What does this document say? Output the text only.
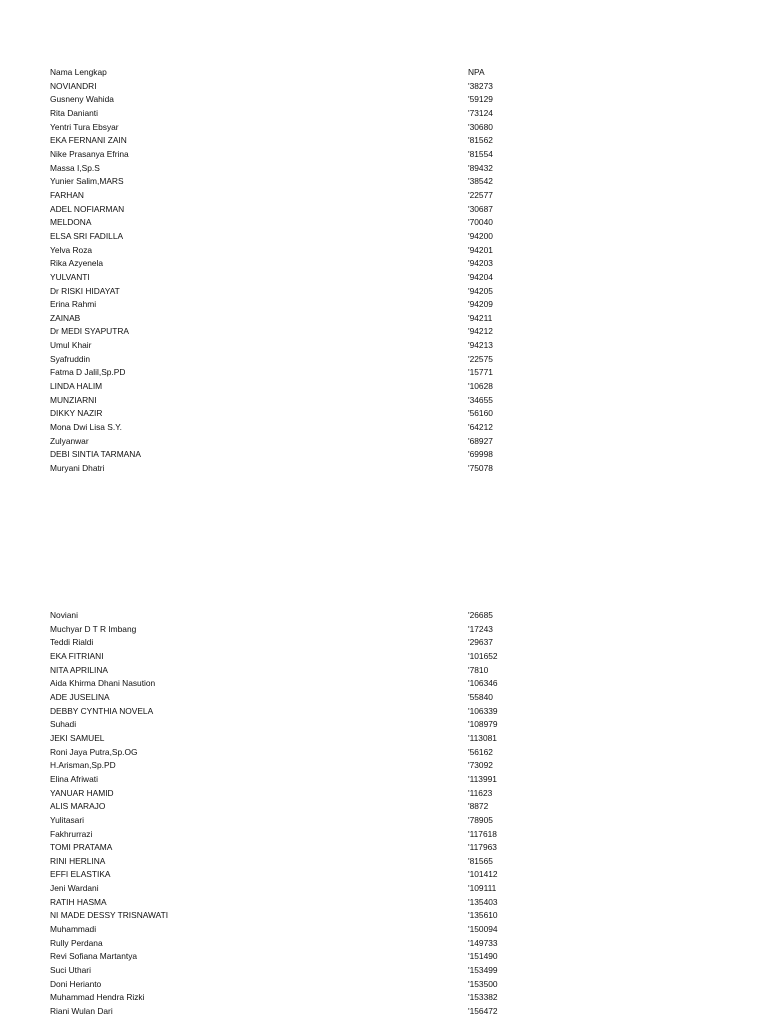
Nama Lengkap	NPA
NOVIANDRI	'38273
Gusneny Wahida	'59129
Rita Danianti	'73124
Yentri Tura Ebsyar	'30680
EKA FERNANI ZAIN	'81562
Nike Prasanya Efrina	'81554
Massa I,Sp.S	'89432
Yunier Salim,MARS	'38542
FARHAN	'22577
ADEL NOFIARMAN	'30687
MELDONA	'70040
ELSA SRI FADILLA	'94200
Yelva Roza	'94201
Rika Azyenela	'94203
YULVANTI	'94204
Dr RISKI HIDAYAT	'94205
Erina Rahmi	'94209
ZAINAB	'94211
Dr MEDI SYAPUTRA	'94212
Umul Khair	'94213
Syafruddin	'22575
Fatma D Jalil,Sp.PD	'15771
LINDA HALIM	'10628
MUNZIARNI	'34655
DIKKY NAZIR	'56160
Mona Dwi Lisa S.Y.	'64212
Zulyanwar	'68927
DEBI SINTIA TARMANA	'69998
Muryani Dhatri	'75078
Noviani	'26685
Muchyar D T R Imbang	'17243
Teddi Rialdi	'29637
EKA FITRIANI	'101652
NITA APRILINA	'7810
Aida Khirma Dhani Nasution	'106346
ADE JUSELINA	'55840
DEBBY CYNTHIA NOVELA	'106339
Suhadi	'108979
JEKI SAMUEL	'113081
Roni Jaya Putra,Sp.OG	'56162
H.Arisman,Sp.PD	'73092
Elina Afriwati	'113991
YANUAR HAMID	'11623
ALIS MARAJO	'8872
Yulitasari	'78905
Fakhrurrazi	'117618
TOMI PRATAMA	'117963
RINI HERLINA	'81565
EFFI ELASTIKA	'101412
Jeni Wardani	'109111
RATIH HASMA	'135403
NI MADE DESSY TRISNAWATI	'135610
Muhammadi	'150094
Rully Perdana	'149733
Revi Sofiana Martantya	'151490
Suci Uthari	'153499
Doni Herianto	'153500
Muhammad Hendra Rizki	'153382
Riani Wulan Dari	'156472
